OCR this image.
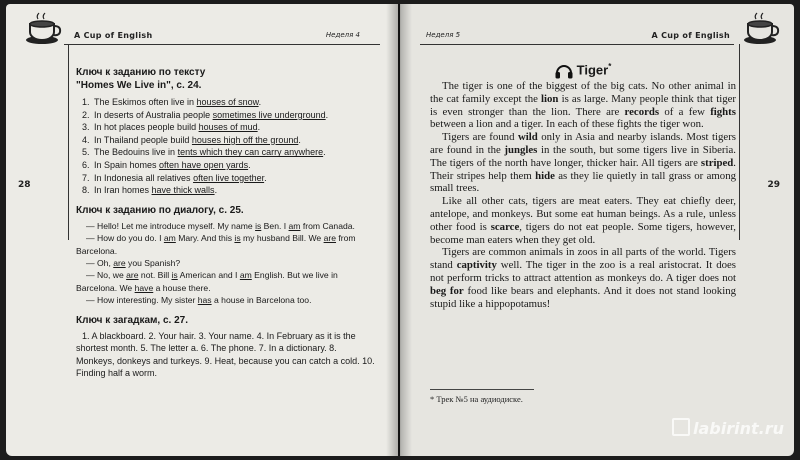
A Cup of English	Неделя 4
28

Ключ к заданию по тексту

"Homes We Live in", с. 24.

1. The Eskimos often live in houses of snow.
2. In deserts of Australia people sometimes live underground.
3. In hot places people build houses of mud.
4. In Thailand people build houses high off the ground.
5. The Bedouins live in tents which they can carry anywhere.
6. In Spain homes often have open yards.
7. In Indonesia all relatives often live together.
8. In Iran homes have thick walls.

Ключ к заданию по диалогу, с. 25.

— Hello! Let me introduce myself. My name is Ben. I am from Canada.

— How do you do. I am Mary. And this is my husband Bill. We are from Barcelona.

— Oh, are you Spanish?

— No, we are not. Bill is American and I am English. But we live in Barcelona. We have a house there.

— How interesting. My sister has a house in Barcelona too.

Ключ к загадкам, с. 27.

1. A blackboard. 2. Your hair. 3. Your name. 4. In February as it is the shortest month. 5. The letter a. 6. The phone. 7. In a dictionary. 8. Monkeys, donkeys and turkeys. 9. Heat, because you can catch a cold. 10. Finding half a worm.

Неделя 5	A Cup of English
29
Tiger*

The tiger is one of the biggest of the big cats. No other animal in the cat family except the lion is as large. Many people think that tiger is even stronger than the lion. There are records of a few fights between a lion and a tiger. In each of these fights the tiger won.

Tigers are found wild only in Asia and nearby islands. Most tigers are found in the jungles in the south, but some tigers live in Siberia. The tigers of the north have longer, thicker hair. All tigers are striped. Their stripes help them hide as they lie quietly in tall grass or among small trees.

Like all other cats, tigers are meat eaters. They eat chiefly deer, antelope, and monkeys. But some eat human beings. As a rule, unless other food is scarce, tigers do not eat people. Some tigers, however, become man eaters when they get old.

Tigers are common animals in zoos in all parts of the world. Tigers stand captivity well. The tiger in the zoo is a real aristocrat. It does not perform tricks to attract attention as monkeys do. A tiger does not beg for food like bears and elephants. And it does not stand looking stupid like a hippopotamus!

* Трек №5 на аудиодиске.
labirint.ru
